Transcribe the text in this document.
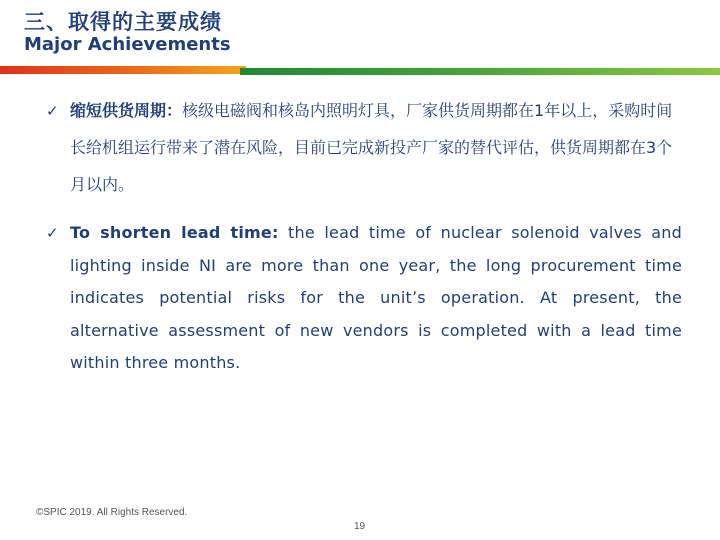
三、取得的主要成绩
Major Achievements
✓ 缩短供货周期：核级电磁阀和核岛内照明灯具，厂家供货周期都在1年以上，采购时间长给机组运行带来了潜在风险，目前已完成新投产厂家的替代评估，供货周期都在3个月以内。
✓ To shorten lead time: the lead time of nuclear solenoid valves and lighting inside NI are more than one year, the long procurement time indicates potential risks for the unit’s operation. At present, the alternative assessment of new vendors is completed with a lead time within three months.
©SPIC 2019. All Rights Reserved.
19
